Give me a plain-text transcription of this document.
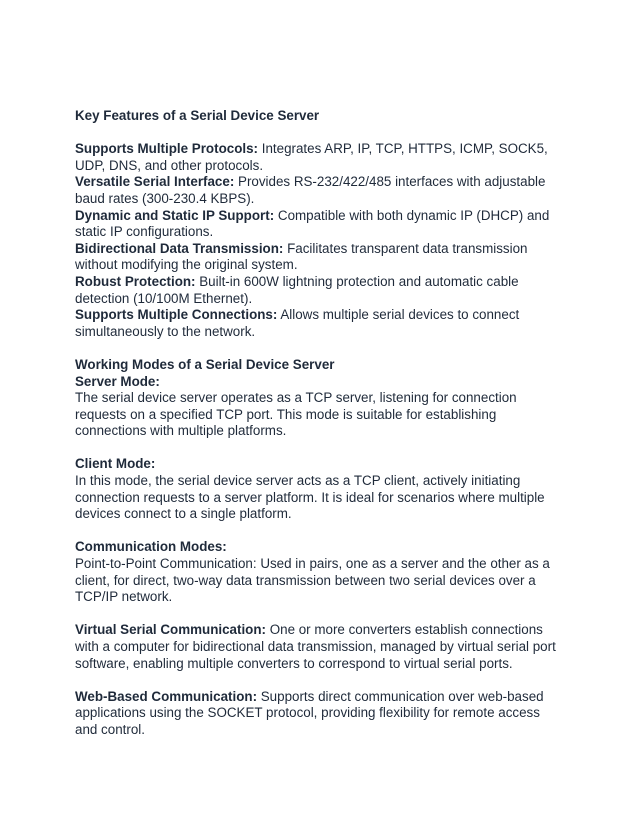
Key Features of a Serial Device Server

Supports Multiple Protocols: Integrates ARP, IP, TCP, HTTPS, ICMP, SOCK5, UDP, DNS, and other protocols.

Versatile Serial Interface: Provides RS-232/422/485 interfaces with adjustable baud rates (300-230.4 KBPS).

Dynamic and Static IP Support: Compatible with both dynamic IP (DHCP) and static IP configurations.

Bidirectional Data Transmission: Facilitates transparent data transmission without modifying the original system.

Robust Protection: Built-in 600W lightning protection and automatic cable detection (10/100M Ethernet).

Supports Multiple Connections: Allows multiple serial devices to connect simultaneously to the network.

Working Modes of a Serial Device Server

Server Mode:

The serial device server operates as a TCP server, listening for connection requests on a specified TCP port. This mode is suitable for establishing connections with multiple platforms.

Client Mode:

In this mode, the serial device server acts as a TCP client, actively initiating connection requests to a server platform. It is ideal for scenarios where multiple devices connect to a single platform.

Communication Modes:

Point-to-Point Communication: Used in pairs, one as a server and the other as a client, for direct, two-way data transmission between two serial devices over a TCP/IP network.

Virtual Serial Communication: One or more converters establish connections with a computer for bidirectional data transmission, managed by virtual serial port software, enabling multiple converters to correspond to virtual serial ports.

Web-Based Communication: Supports direct communication over web-based applications using the SOCKET protocol, providing flexibility for remote access and control.
